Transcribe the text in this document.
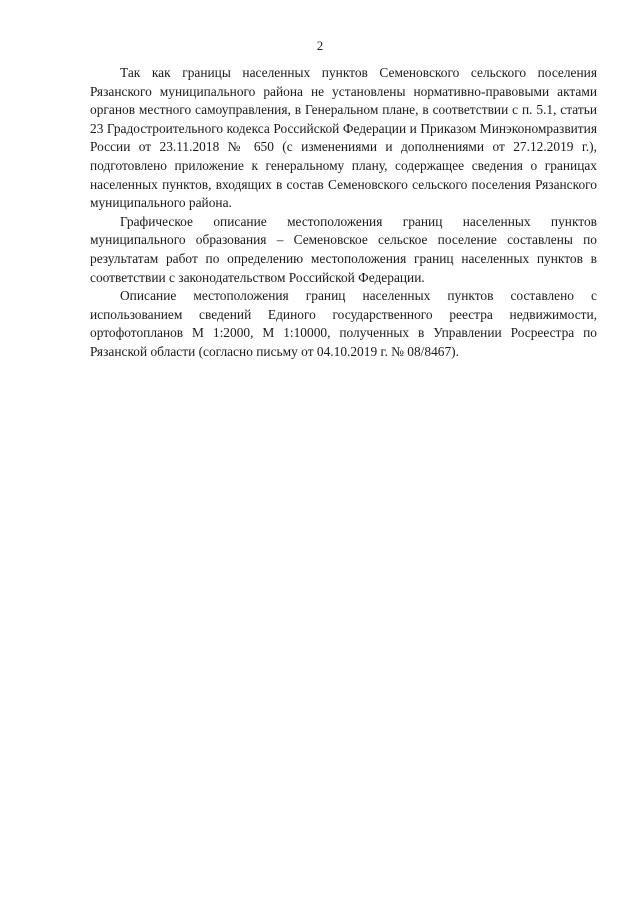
2

Так как границы населенных пунктов Семеновского сельского поселения Рязанского муниципального района не установлены нормативно-правовыми актами органов местного самоуправления, в Генеральном плане, в соответствии с п. 5.1, статьи 23 Градостроительного кодекса Российской Федерации и Приказом Минэкономразвития России от 23.11.2018 № 650 (с изменениями и дополнениями от 27.12.2019 г.), подготовлено приложение к генеральному плану, содержащее сведения о границах населенных пунктов, входящих в состав Семеновского сельского поселения Рязанского муниципального района.

Графическое описание местоположения границ населенных пунктов муниципального образования – Семеновское сельское поселение составлены по результатам работ по определению местоположения границ населенных пунктов в соответствии с законодательством Российской Федерации.

Описание местоположения границ населенных пунктов составлено с использованием сведений Единого государственного реестра недвижимости, ортофотопланов М 1:2000, М 1:10000, полученных в Управлении Росреестра по Рязанской области (согласно письму от 04.10.2019 г. № 08/8467).
